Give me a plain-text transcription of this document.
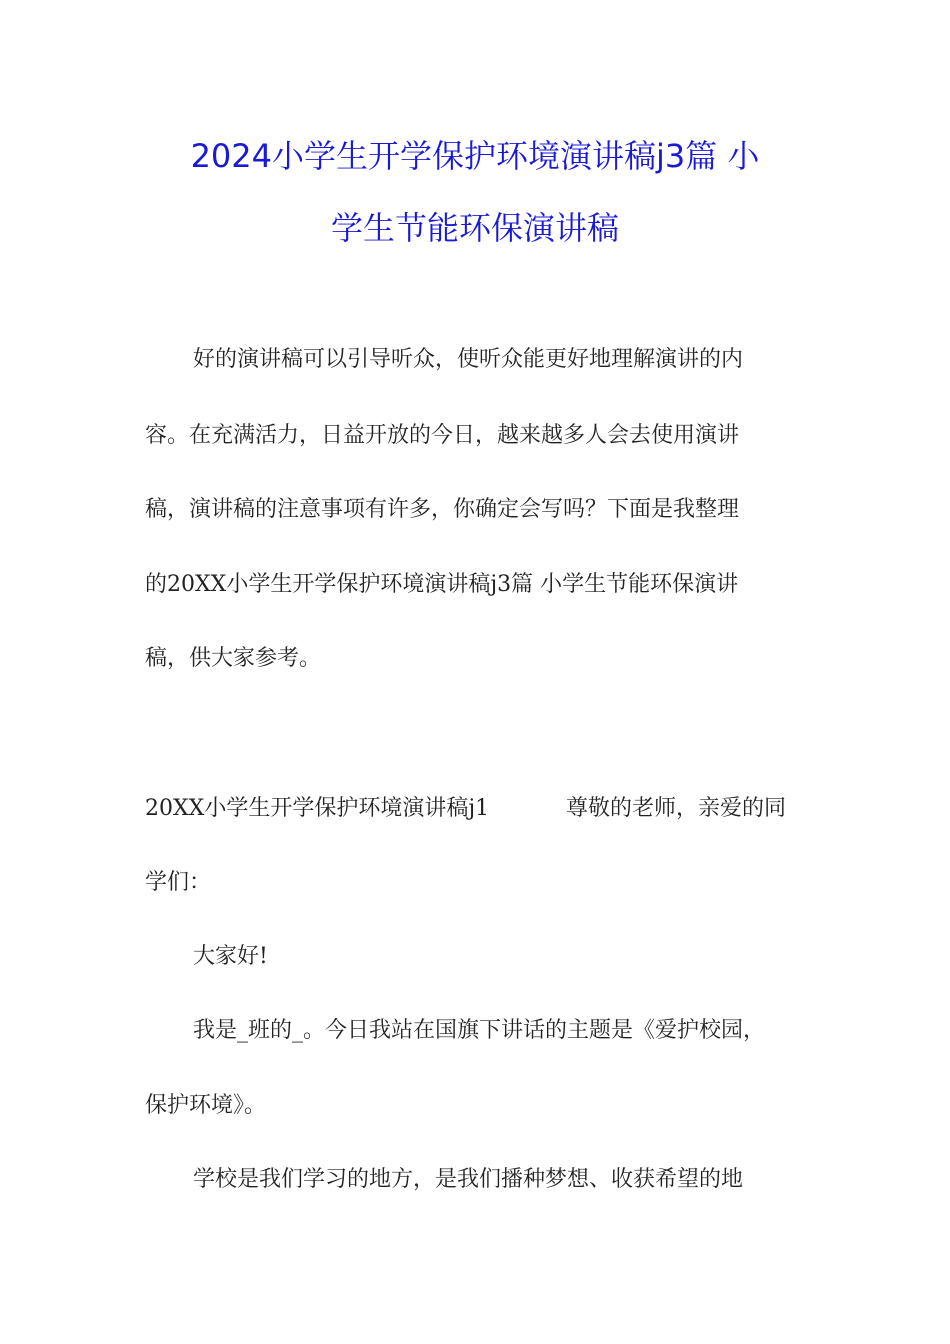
2024小学生开学保护环境演讲稿j3篇 小
学生节能环保演讲稿
好的演讲稿可以引导听众，使听众能更好地理解演讲的内
容。在充满活力，日益开放的今日，越来越多人会去使用演讲
稿，演讲稿的注意事项有许多，你确定会写吗？下面是我整理
的20XX小学生开学保护环境演讲稿j3篇 小学生节能环保演讲
稿，供大家参考。
20XX小学生开学保护环境演讲稿j1	尊敬的老师，亲爱的同
学们：
大家好!
我是_班的_。今日我站在国旗下讲话的主题是《爱护校园，
保护环境》。
学校是我们学习的地方，是我们播种梦想、收获希望的地
